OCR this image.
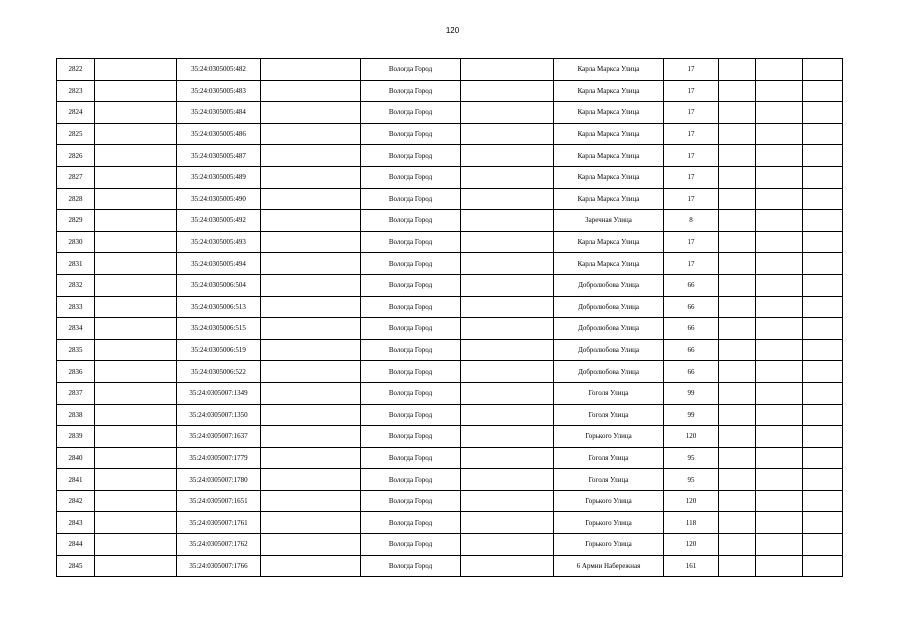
120
2822		35:24:0305005:482		Вологда Город		Карла Маркса Улица	17			
2823		35:24:0305005:483		Вологда Город		Карла Маркса Улица	17			
2824		35:24:0305005:484		Вологда Город		Карла Маркса Улица	17			
2825		35:24:0305005:486		Вологда Город		Карла Маркса Улица	17			
2826		35:24:0305005:487		Вологда Город		Карла Маркса Улица	17			
2827		35:24:0305005:489		Вологда Город		Карла Маркса Улица	17			
2828		35:24:0305005:490		Вологда Город		Карла Маркса Улица	17			
2829		35:24:0305005:492		Вологда Город		Заречная Улица	8			
2830		35:24:0305005:493		Вологда Город		Карла Маркса Улица	17			
2831		35:24:0305005:494		Вологда Город		Карла Маркса Улица	17			
2832		35:24:0305006:504		Вологда Город		Добролюбова Улица	66			
2833		35:24:0305006:513		Вологда Город		Добролюбова Улица	66			
2834		35:24:0305006:515		Вологда Город		Добролюбова Улица	66			
2835		35:24:0305006:519		Вологда Город		Добролюбова Улица	66			
2836		35:24:0305006:522		Вологда Город		Добролюбова Улица	66			
2837		35:24:0305007:1349		Вологда Город		Гоголя Улица	99			
2838		35:24:0305007:1350		Вологда Город		Гоголя Улица	99			
2839		35:24:0305007:1637		Вологда Город		Горького Улица	120			
2840		35:24:0305007:1779		Вологда Город		Гоголя Улица	95			
2841		35:24:0305007:1780		Вологда Город		Гоголя Улица	95			
2842		35:24:0305007:1651		Вологда Город		Горького Улица	120			
2843		35:24:0305007:1761		Вологда Город		Горького Улица	118			
2844		35:24:0305007:1762		Вологда Город		Горького Улица	120			
2845		35:24:0305007:1766		Вологда Город		6 Армии Набережная	161			
